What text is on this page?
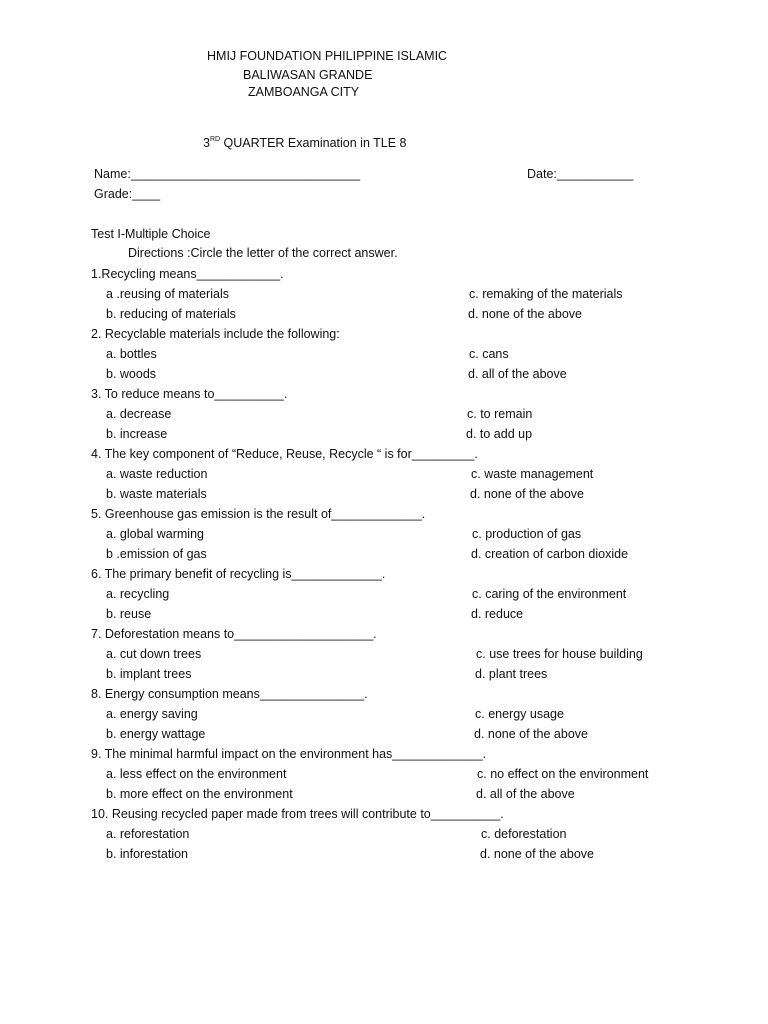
HMIJ FOUNDATION PHILIPPINE ISLAMIC
BALIWASAN GRANDE
ZAMBOANGA CITY
3RD QUARTER Examination in TLE 8
Name:_________________________________	Date:___________
Grade:____
Test I-Multiple Choice
Directions :Circle the letter of the correct answer.
1.Recycling means____________.
a .reusing of materials	c. remaking of the materials
b. reducing of materials	d. none of the above
2. Recyclable materials include the following:
a. bottles	c. cans
b. woods	d. all of the above
3. To reduce means to__________.
a. decrease	c. to remain
b. increase	d. to add up
4. The key component of “Reduce, Reuse, Recycle “ is for_________.
a. waste reduction	c. waste management
b. waste materials	d. none of the above
5. Greenhouse gas emission is the result of_____________.
a. global warming	c. production of gas
b .emission of gas	d. creation of carbon dioxide
6. The primary benefit of recycling is_____________.
a. recycling	c. caring of the environment
b. reuse	d. reduce
7. Deforestation means to____________________.
a. cut down trees	c. use trees for house building
b. implant trees	d. plant trees
8. Energy consumption means_______________.
a. energy saving	c. energy usage
b. energy wattage	d. none of the above
9. The minimal harmful impact on the environment has_____________.
a. less effect on the environment	c. no effect on the environment
b. more effect on the environment	d. all of the above
10. Reusing recycled paper made from trees will contribute to__________.
a. reforestation	c. deforestation
b. inforestation	d. none of the above
